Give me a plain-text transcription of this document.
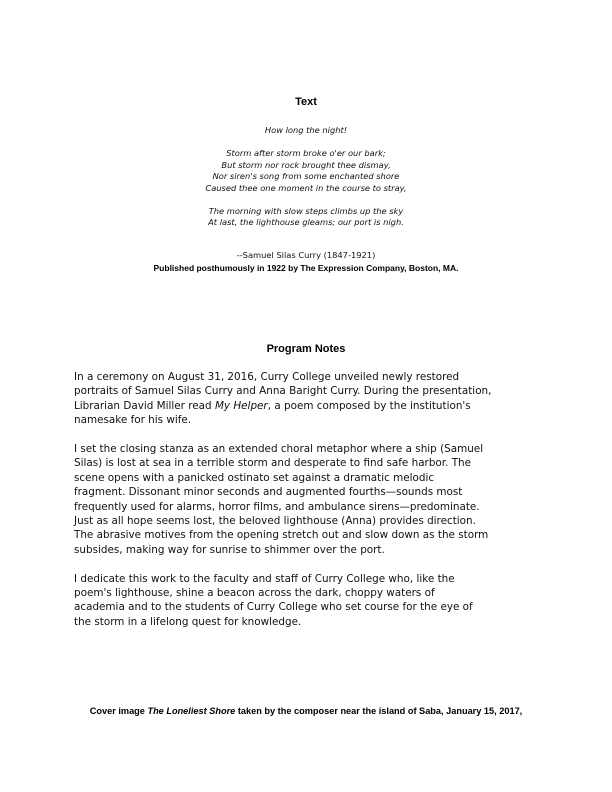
Text
How long the night!
Storm after storm broke o'er our bark;
But storm nor rock brought thee dismay,
Nor siren's song from some enchanted shore
Caused thee one moment in the course to stray,
The morning with slow steps climbs up the sky
At last, the lighthouse gleams; our port is nigh.
--Samuel Silas Curry (1847-1921)
Published posthumously in 1922 by The Expression Company, Boston, MA.
Program Notes

In a ceremony on August 31, 2016, Curry College unveiled newly restored
portraits of Samuel Silas Curry and Anna Baright Curry. During the presentation,
Librarian David Miller read My Helper, a poem composed by the institution's
namesake for his wife.

I set the closing stanza as an extended choral metaphor where a ship (Samuel
Silas) is lost at sea in a terrible storm and desperate to find safe harbor. The
scene opens with a panicked ostinato set against a dramatic melodic
fragment. Dissonant minor seconds and augmented fourths—sounds most
frequently used for alarms, horror films, and ambulance sirens—predominate.
Just as all hope seems lost, the beloved lighthouse (Anna) provides direction.
The abrasive motives from the opening stretch out and slow down as the storm
subsides, making way for sunrise to shimmer over the port.

I dedicate this work to the faculty and staff of Curry College who, like the
poem's lighthouse, shine a beacon across the dark, choppy waters of
academia and to the students of Curry College who set course for the eye of
the storm in a lifelong quest for knowledge.

Cover image The Loneliest Shore taken by the composer near the island of Saba, January 15, 2017,
